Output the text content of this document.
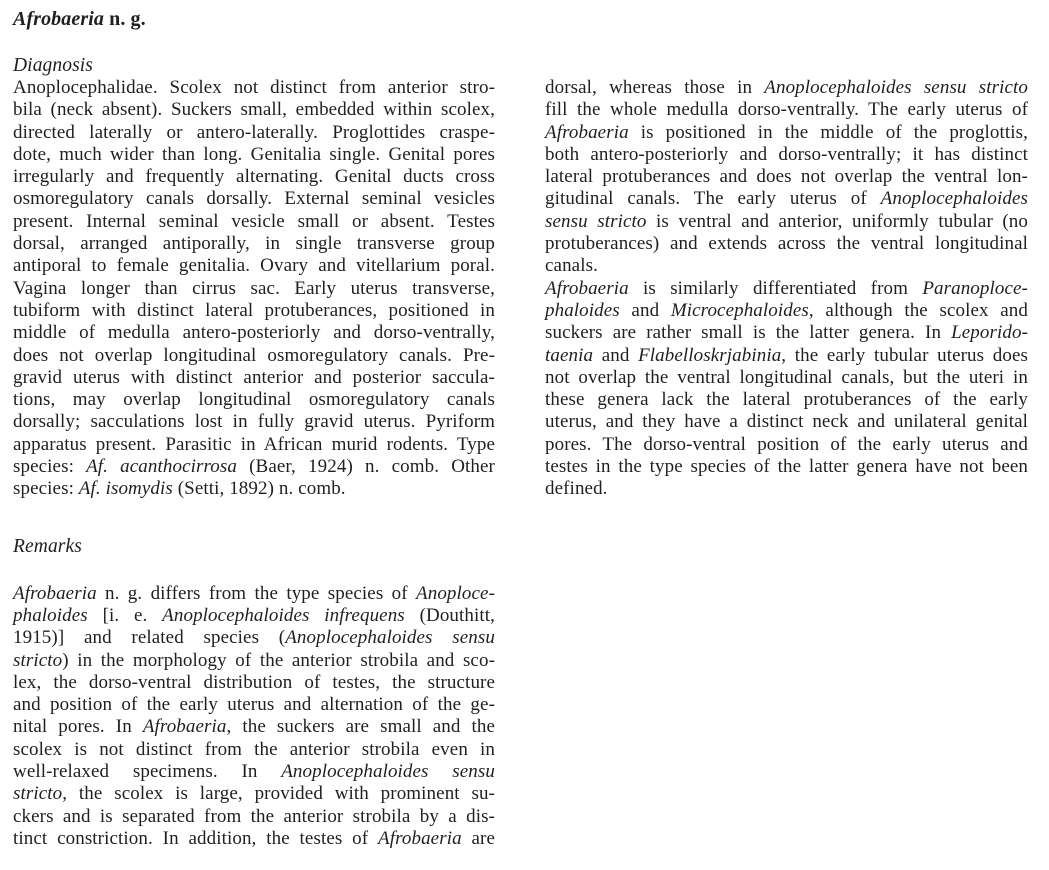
Afrobaeria n. g.
Diagnosis
Anoplocephalidae. Scolex not distinct from anterior stro-
bila (neck absent). Suckers small, embedded within scolex,
directed laterally or antero-laterally. Proglottides craspe-
dote, much wider than long. Genitalia single. Genital pores
irregularly and frequently alternating. Genital ducts cross
osmoregulatory canals dorsally. External seminal vesicles
present. Internal seminal vesicle small or absent. Testes
dorsal, arranged antiporally, in single transverse group
antiporal to female genitalia. Ovary and vitellarium poral.
Vagina longer than cirrus sac. Early uterus transverse,
tubiform with distinct lateral protuberances, positioned in
middle of medulla antero-posteriorly and dorso-ventrally,
does not overlap longitudinal osmoregulatory canals. Pre-
gravid uterus with distinct anterior and posterior saccula-
tions, may overlap longitudinal osmoregulatory canals
dorsally; sacculations lost in fully gravid uterus. Pyriform
apparatus present. Parasitic in African murid rodents. Type
species: Af. acanthocirrosa (Baer, 1924) n. comb. Other
species: Af. isomydis (Setti, 1892) n. comb.
Remarks
Afrobaeria n. g. differs from the type species of Anoploce-
phaloides [i. e. Anoplocephaloides infrequens (Douthitt,
1915)] and related species (Anoplocephaloides sensu
stricto) in the morphology of the anterior strobila and sco-
lex, the dorso-ventral distribution of testes, the structure
and position of the early uterus and alternation of the ge-
nital pores. In Afrobaeria, the suckers are small and the
scolex is not distinct from the anterior strobila even in
well-relaxed specimens. In Anoplocephaloides sensu
stricto, the scolex is large, provided with prominent su-
ckers and is separated from the anterior strobila by a dis-
tinct constriction. In addition, the testes of Afrobaeria are
dorsal, whereas those in Anoplocephaloides sensu stricto
fill the whole medulla dorso-ventrally. The early uterus of
Afrobaeria is positioned in the middle of the proglottis,
both antero-posteriorly and dorso-ventrally; it has distinct
lateral protuberances and does not overlap the ventral lon-
gitudinal canals. The early uterus of Anoplocephaloides
sensu stricto is ventral and anterior, uniformly tubular (no
protuberances) and extends across the ventral longitudinal
canals.
Afrobaeria is similarly differentiated from Paranoploce-
phaloides and Microcephaloides, although the scolex and
suckers are rather small is the latter genera. In Leporido-
taenia and Flabelloskrjabinia, the early tubular uterus does
not overlap the ventral longitudinal canals, but the uteri in
these genera lack the lateral protuberances of the early
uterus, and they have a distinct neck and unilateral genital
pores. The dorso-ventral position of the early uterus and
testes in the type species of the latter genera have not been
defined.
